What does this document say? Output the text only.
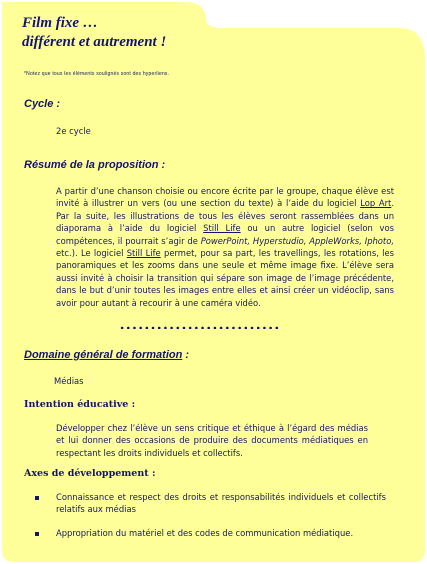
Film fixe …
différent et autrement !
*Notez que tous les éléments soulignés sont des hyperliens.
Cycle :
2e cycle
Résumé de la proposition :
A partir d’une chanson choisie ou encore écrite par le groupe, chaque élève est invité à illustrer un vers (ou une section du texte) à l’aide du logiciel Lop Art. Par la suite, les illustrations de tous les élèves seront rassemblées dans un diaporama à l’aide du logiciel Still Life ou un autre logiciel (selon vos compétences, il pourrait s’agir de PowerPoint, Hyperstudio, AppleWorks, Iphoto, etc.). Le logiciel Still Life permet, pour sa part, les travellings, les rotations, les panoramiques et les zooms dans une seule et même image fixe. L’élève sera aussi invité à choisir la transition qui sépare son image de l’image précédente, dans le but d’unir toutes les images entre elles et ainsi créer un vidéoclip, sans avoir pour autant à recourir à une caméra vidéo.
Domaine général de formation :
Médias
Intention éducative :
Développer chez l’élève un sens critique et éthique à l’égard des médias et lui donner des occasions de produire des documents médiatiques en respectant les droits individuels et collectifs.
Axes de développement :
Connaissance et respect des droits et responsabilités individuels et collectifs relatifs aux médias
Appropriation du matériel et des codes de communication médiatique.
